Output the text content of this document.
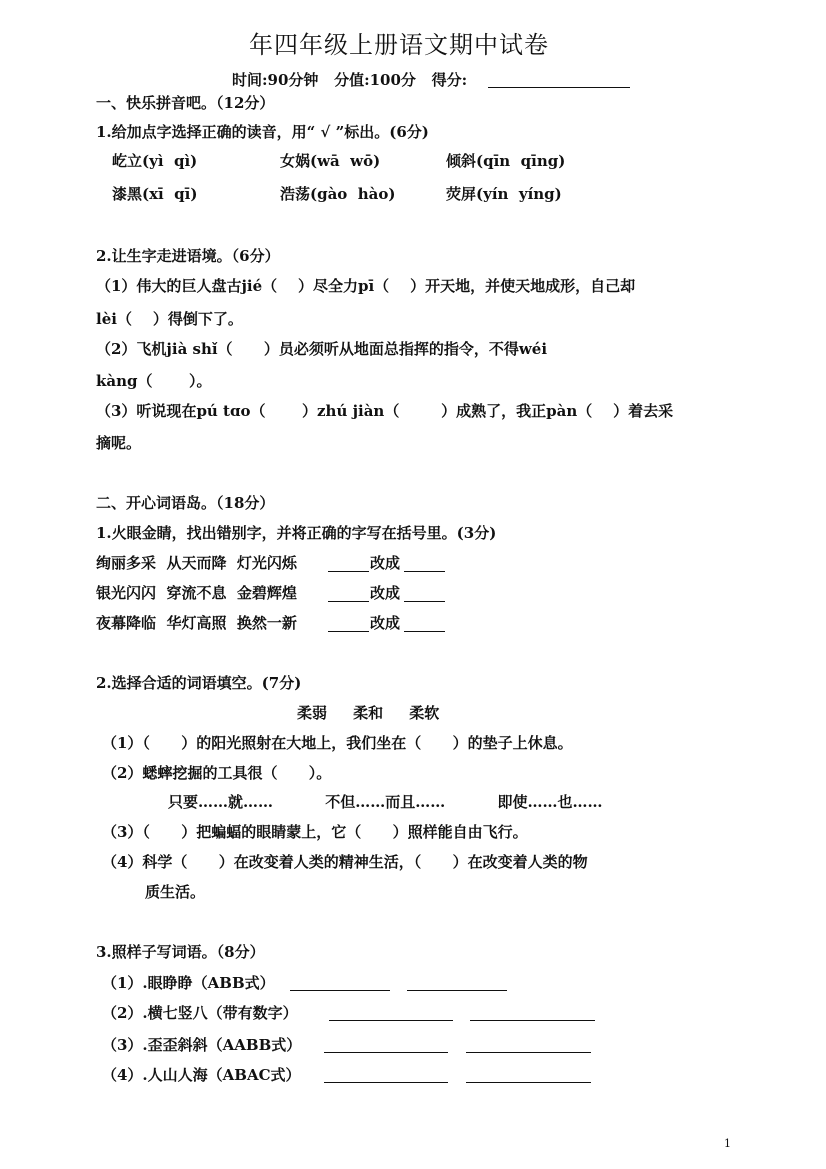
年四年级上册语文期中试卷
时间:90分钟   分值:100分   得分:
一、快乐拼音吧。（12分）
1.给加点字选择正确的读音，用“ √ ”标出。(6分)
屹立(yì  qì)	女娲(wā  wō)	倾斜(qīn  qīng)
漆黑(xī  qī)	浩荡(gào  hào)	荧屏(yín  yíng)
2.让生字走进语境。（6分）
（1）伟大的巨人盘古jié（    ）尽全力pī（    ）开天地，并使天地成形，自己却
lèi（    ）得倒下了。
（2）飞机jià shǐ（      ）员必须听从地面总指挥的指令，不得wéi
kàng（       ）。
（3）听说现在pú tɑo（       ）zhú jiàn（        ）成熟了，我正pàn（    ）着去采
摘呢。
二、开心词语岛。（18分）
1.火眼金睛，找出错别字，并将正确的字写在括号里。(3分)
绚丽多采  从天而降  灯光闪烁	改成
银光闪闪  穿流不息  金碧辉煌	改成
夜幕降临  华灯高照  换然一新	改成
2.选择合适的词语填空。(7分)
柔弱     柔和     柔软
（1）（      ）的阳光照射在大地上，我们坐在（      ）的垫子上休息。
（2）蟋蟀挖掘的工具很（      ）。
只要……就……          不但……而且……          即使……也……
（3）（      ）把蝙蝠的眼睛蒙上，它（      ）照样能自由飞行。
（4）科学（      ）在改变着人类的精神生活，（      ）在改变着人类的物
质生活。
3.照样子写词语。（8分）
（1）.眼睁睁（ABB式）
（2）.横七竖八（带有数字）
（3）.歪歪斜斜（AABB式）
（4）.人山人海（ABAC式）
1
